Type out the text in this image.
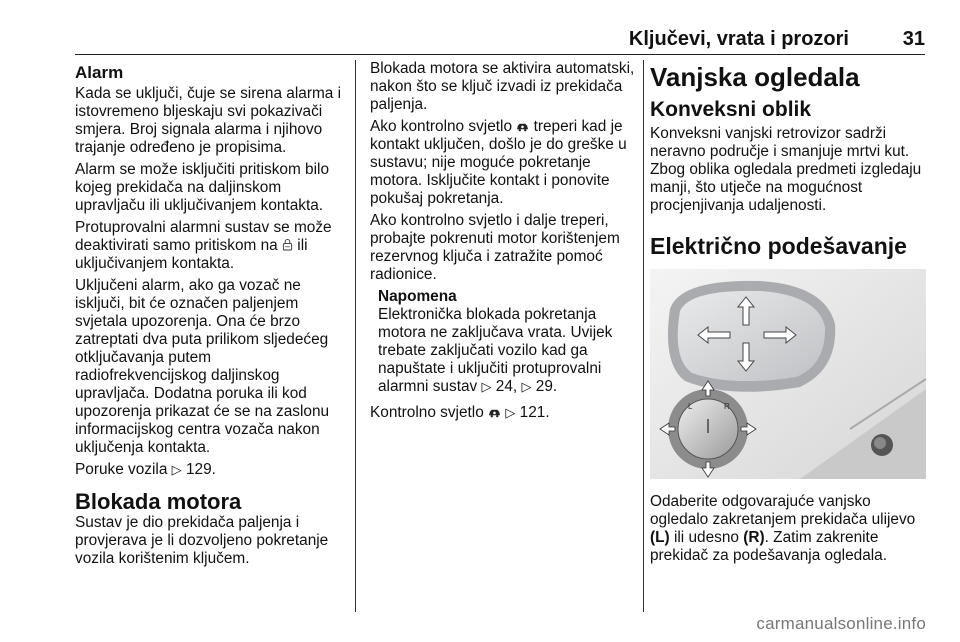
Ključevi, vrata i prozori	31
Alarm

Kada se uključi, čuje se sirena alarma i istovremeno bljeskaju svi pokazivači smjera. Broj signala alarma i njihovo trajanje određeno je propisima.

Alarm se može isključiti pritiskom bilo kojeg prekidača na daljinskom upravljaču ili uključivanjem kontakta.

Protuprovalni alarmni sustav se može deaktivirati samo pritiskom na ili uključivanjem kontakta.

Uključeni alarm, ako ga vozač ne isključi, bit će označen paljenjem svjetala upozorenja. Ona će brzo zatreptati dva puta prilikom sljedećeg otključavanja putem radiofrekvencijskog daljinskog upravljača. Dodatna poruka ili kod upozorenja prikazat će se na zaslonu informacijskog centra vozača nakon uključenja kontakta.

Poruke vozila ▷ 129.

Blokada motora

Sustav je dio prekidača paljenja i provjerava je li dozvoljeno pokretanje vozila korištenim ključem.

Blokada motora se aktivira automatski, nakon što se ključ izvadi iz prekidača paljenja.

Ako kontrolno svjetlo treperi kad je kontakt uključen, došlo je do greške u sustavu; nije moguće pokretanje motora. Isključite kontakt i ponovite pokušaj pokretanja.

Ako kontrolno svjetlo i dalje treperi, probajte pokrenuti motor korištenjem rezervnog ključa i zatražite pomoć radionice.

Napomena

Elektronička blokada pokretanja motora ne zaključava vrata. Uvijek trebate zaključati vozilo kad ga napuštate i uključiti protuprovalni alarmni sustav ▷ 24, ▷ 29.

Kontrolno svjetlo ▷ 121.

Vanjska ogledala
Konveksni oblik

Konveksni vanjski retrovizor sadrži neravno područje i smanjuje mrtvi kut. Zbog oblika ogledala predmeti izgledaju manji, što utječe na mogućnost procjenjivanja udaljenosti.

Električno podešavanje
L	R

Odaberite odgovarajuće vanjsko ogledalo zakretanjem prekidača ulijevo (L) ili udesno (R). Zatim zakrenite prekidač za podešavanja ogledala.

carmanualsonline.info
